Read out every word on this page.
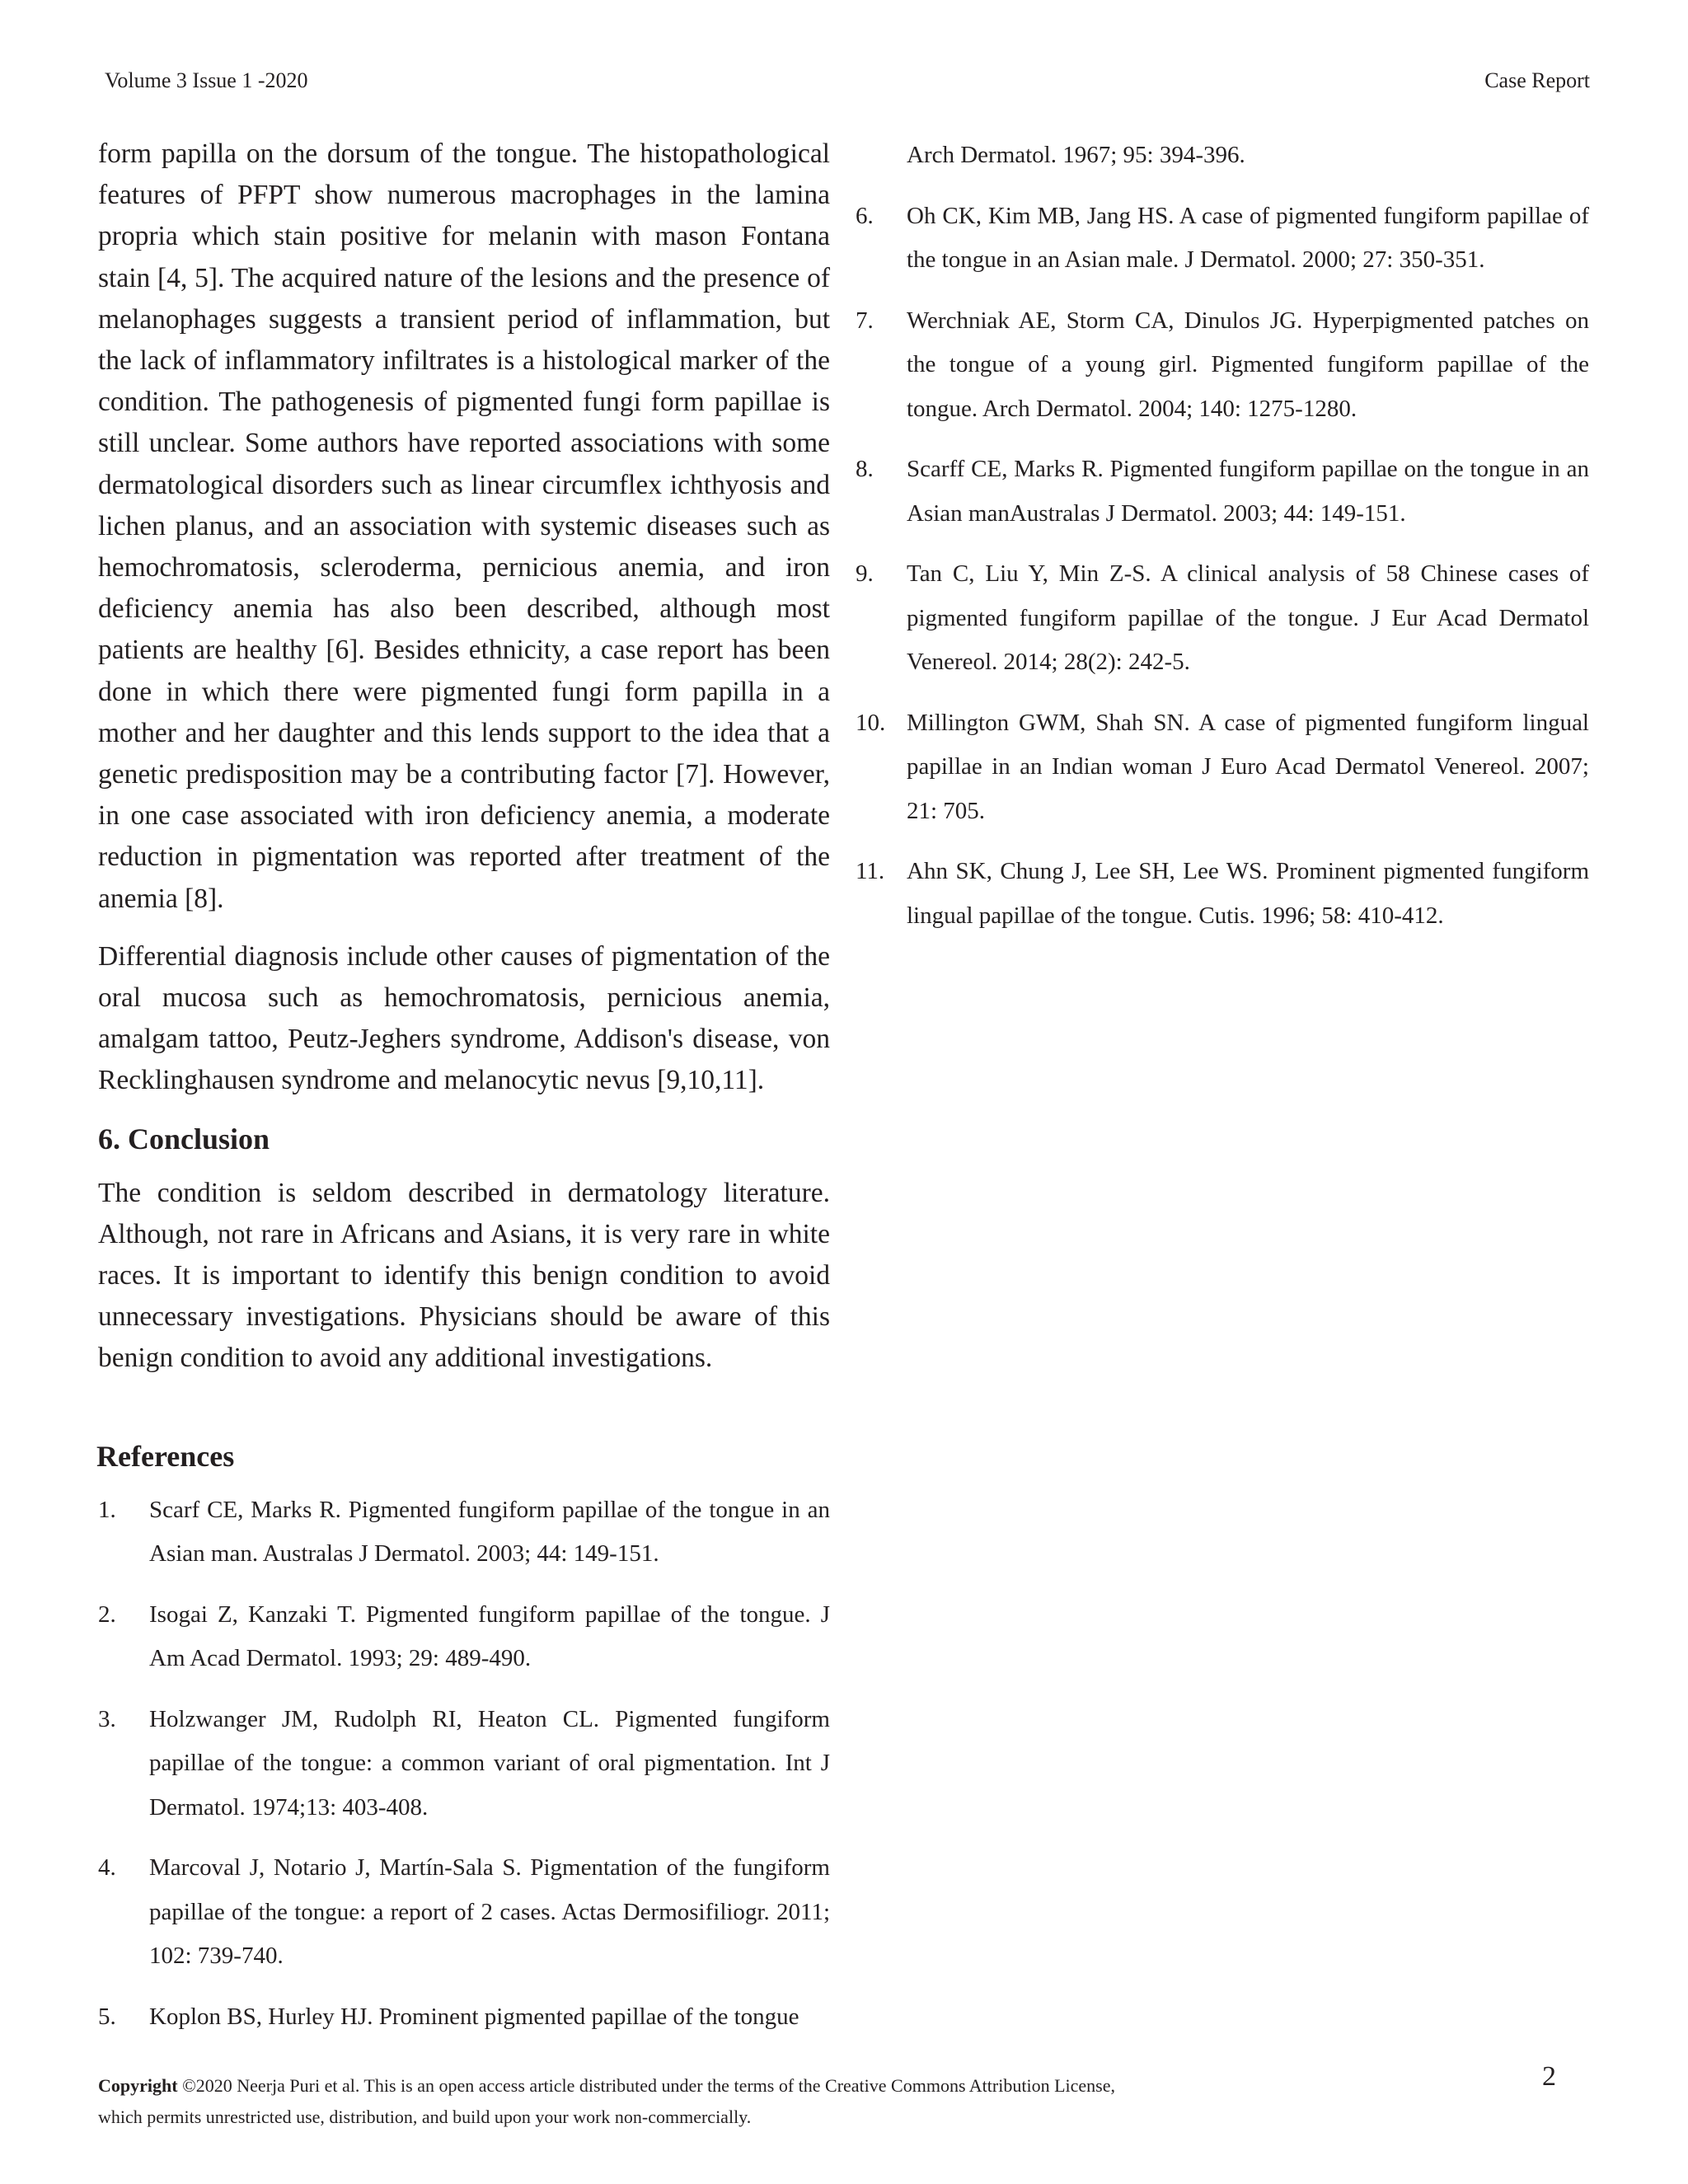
Volume 3 Issue 1 -2020	Case Report

form papilla on the dorsum of the tongue. The histopathological features of PFPT show numerous macrophages in the lamina propria which stain positive for melanin with mason Fontana stain [4, 5]. The acquired nature of the lesions and the presence of melanophages suggests a transient period of inflammation, but the lack of inflammatory infiltrates is a histological marker of the condition. The pathogenesis of pigmented fungi form papillae is still unclear. Some authors have reported associations with some dermatological disorders such as linear circumflex ichthyosis and lichen planus, and an association with systemic diseases such as hemochromatosis, scleroderma, pernicious anemia, and iron deficiency anemia has also been described, although most patients are healthy [6]. Besides ethnicity, a case report has been done in which there were pigmented fungi form papilla in a mother and her daughter and this lends support to the idea that a genetic predisposition may be a contributing factor [7]. However, in one case associated with iron deficiency anemia, a moderate reduction in pigmentation was reported after treatment of the anemia [8].

Differential diagnosis include other causes of pigmentation of the oral mucosa such as hemochromatosis, pernicious anemia, amalgam tattoo, Peutz-Jeghers syndrome, Addison's disease, von Recklinghausen syndrome and melanocytic nevus [9,10,11].

6. Conclusion

The condition is seldom described in dermatology literature. Although, not rare in Africans and Asians, it is very rare in white races. It is important to identify this benign condition to avoid unnecessary investigations. Physicians should be aware of this benign condition to avoid any additional investigations.

References
1. Scarf CE, Marks R. Pigmented fungiform papillae of the tongue in an Asian man. Australas J Dermatol. 2003; 44: 149-151.
2. Isogai Z, Kanzaki T. Pigmented fungiform papillae of the tongue. J Am Acad Dermatol. 1993; 29: 489-490.
3. Holzwanger JM, Rudolph RI, Heaton CL. Pigmented fungiform papillae of the tongue: a common variant of oral pigmentation. Int J Dermatol. 1974;13: 403-408.
4. Marcoval J, Notario J, Martín-Sala S. Pigmentation of the fungiform papillae of the tongue: a report of 2 cases. Actas Dermosifiliogr. 2011; 102: 739-740.
5. Koplon BS, Hurley HJ. Prominent pigmented papillae of the tongue
Arch Dermatol. 1967; 95: 394-396.
6. Oh CK, Kim MB, Jang HS. A case of pigmented fungiform papillae of the tongue in an Asian male. J Dermatol. 2000; 27: 350-351.
7. Werchniak AE, Storm CA, Dinulos JG. Hyperpigmented patches on the tongue of a young girl. Pigmented fungiform papillae of the tongue. Arch Dermatol. 2004; 140: 1275-1280.
8. Scarff CE, Marks R. Pigmented fungiform papillae on the tongue in an Asian manAustralas J Dermatol. 2003; 44: 149-151.
9. Tan C, Liu Y, Min Z-S. A clinical analysis of 58 Chinese cases of pigmented fungiform papillae of the tongue. J Eur Acad Dermatol Venereol. 2014; 28(2): 242-5.
10. Millington GWM, Shah SN. A case of pigmented fungiform lingual papillae in an Indian woman J Euro Acad Dermatol Venereol. 2007; 21: 705.
11. Ahn SK, Chung J, Lee SH, Lee WS. Prominent pigmented fungiform lingual papillae of the tongue. Cutis. 1996; 58: 410-412.
Copyright ©2020 Neerja Puri et al. This is an open access article distributed under the terms of the Creative Commons Attribution License,
which permits unrestricted use, distribution, and build upon your work non-commercially.
2
